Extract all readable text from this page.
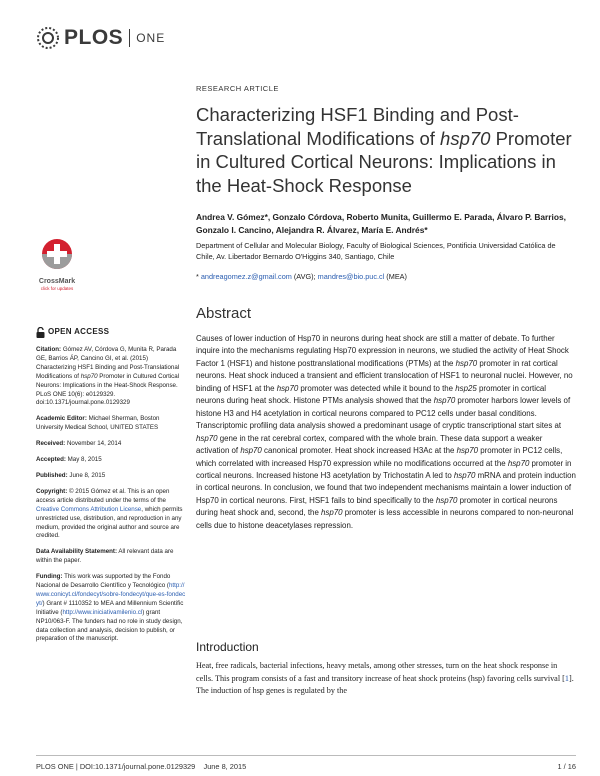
PLOS ONE
RESEARCH ARTICLE
Characterizing HSF1 Binding and Post-Translational Modifications of hsp70 Promoter in Cultured Cortical Neurons: Implications in the Heat-Shock Response
Andrea V. Gómez*, Gonzalo Córdova, Roberto Munita, Guillermo E. Parada, Álvaro P. Barrios, Gonzalo I. Cancino, Alejandra R. Álvarez, María E. Andrés*
Department of Cellular and Molecular Biology, Faculty of Biological Sciences, Pontificia Universidad Católica de Chile, Av. Libertador Bernardo O'Higgins 340, Santiago, Chile
* andreagomez.z@gmail.com (AVG); mandres@bio.puc.cl (MEA)
CrossMark
click for updates
OPEN ACCESS

Citation: Gómez AV, Córdova G, Munita R, Parada GE, Barrios ÁP, Cancino GI, et al. (2015) Characterizing HSF1 Binding and Post-Translational Modifications of hsp70 Promoter in Cultured Cortical Neurons: Implications in the Heat-Shock Response. PLoS ONE 10(6): e0129329. doi:10.1371/journal.pone.0129329

Academic Editor: Michael Sherman, Boston University Medical School, UNITED STATES

Received: November 14, 2014

Accepted: May 8, 2015

Published: June 8, 2015

Copyright: © 2015 Gómez et al. This is an open access article distributed under the terms of the Creative Commons Attribution License, which permits unrestricted use, distribution, and reproduction in any medium, provided the original author and source are credited.

Data Availability Statement: All relevant data are within the paper.

Funding: This work was supported by the Fondo Nacional de Desarrollo Científico y Tecnológico (http://www.conicyt.cl/fondecyt/sobre-fondecyt/que-es-fondecyt/) Grant # 1110352 to MEA and Millennium Scientific Initiative (http://www.iniciativamilenio.cl) grant NP10/063-F. The funders had no role in study design, data collection and analysis, decision to publish, or preparation of the manuscript.

Abstract

Causes of lower induction of Hsp70 in neurons during heat shock are still a matter of debate. To further inquire into the mechanisms regulating Hsp70 expression in neurons, we studied the activity of Heat Shock Factor 1 (HSF1) and histone posttranslational modifications (PTMs) at the hsp70 promoter in rat cortical neurons. Heat shock induced a transient and efficient translocation of HSF1 to neuronal nuclei. However, no binding of HSF1 at the hsp70 promoter was detected while it bound to the hsp25 promoter in cortical neurons during heat shock. Histone PTMs analysis showed that the hsp70 promoter harbors lower levels of histone H3 and H4 acetylation in cortical neurons compared to PC12 cells under basal conditions. Transcriptomic profiling data analysis showed a predominant usage of cryptic transcriptional start sites at hsp70 gene in the rat cerebral cortex, compared with the whole brain. These data support a weaker activation of hsp70 canonical promoter. Heat shock increased H3Ac at the hsp70 promoter in PC12 cells, which correlated with increased Hsp70 expression while no modifications occurred at the hsp70 promoter in cortical neurons. Increased histone H3 acetylation by Trichostatin A led to hsp70 mRNA and protein induction in cortical neurons. In conclusion, we found that two independent mechanisms maintain a lower induction of Hsp70 in cortical neurons. First, HSF1 fails to bind specifically to the hsp70 promoter in cortical neurons during heat shock and, second, the hsp70 promoter is less accessible in neurons compared to non-neuronal cells due to histone deacetylases repression.

Introduction

Heat, free radicals, bacterial infections, heavy metals, among other stresses, turn on the heat shock response in cells. This program consists of a fast and transitory increase of heat shock proteins (hsp) favoring cells survival [1]. The induction of hsp genes is regulated by the

PLOS ONE | DOI:10.1371/journal.pone.0129329    June 8, 2015	1 / 16
